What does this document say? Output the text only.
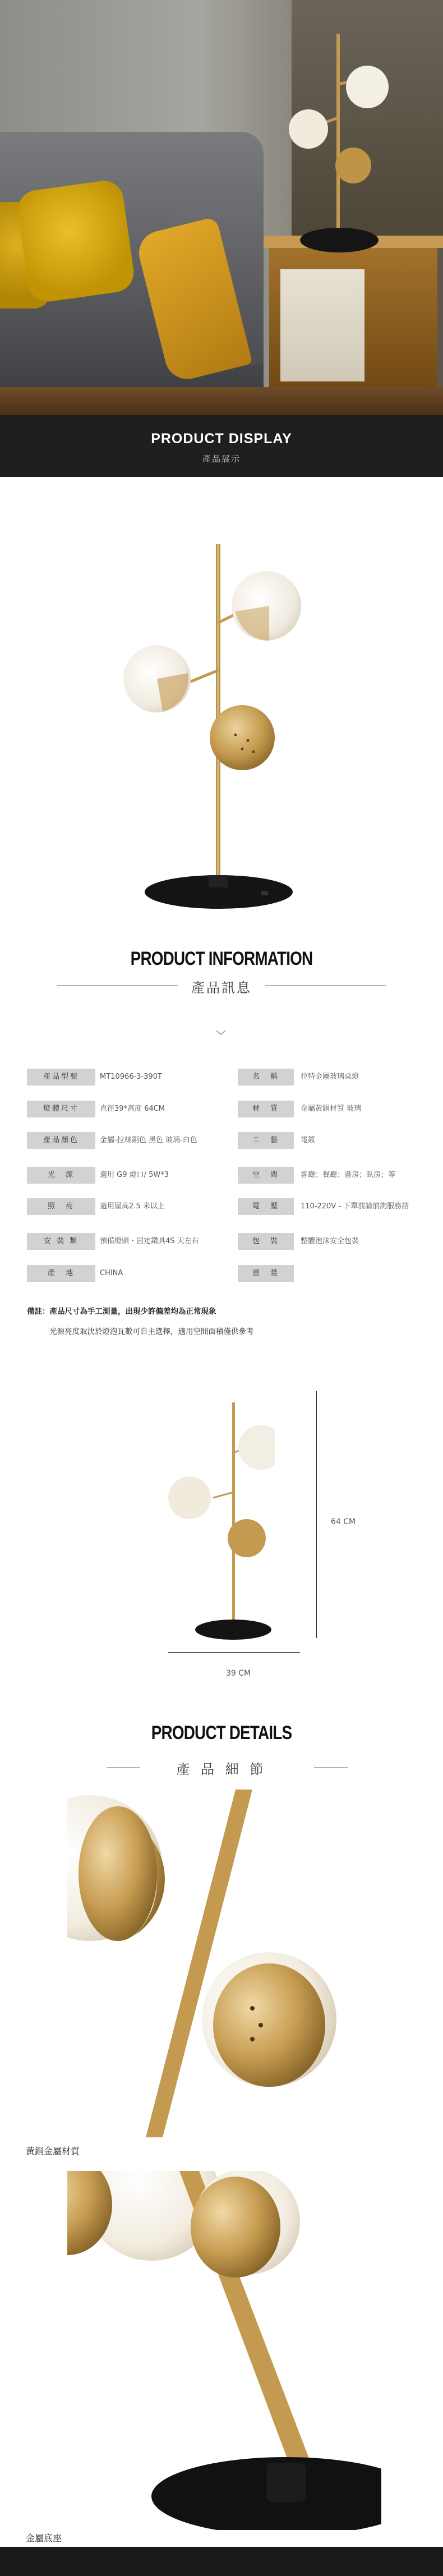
PRODUCT DISPLAY
產品展示
PRODUCT INFORMATION
產品訊息
產品型號	MT10966-3-390T	名　稱	拉特金屬玻璃桌燈
燈體尺寸	直徑39*高度 64CM	材　質	金屬黃銅材質 玻璃
產品顏色	金屬-拉絲銅色 黑色 玻璃-白色	工　藝	電鍍
光　源	適用 G9 燈口/ 5W*3	空　間	客廳；餐廳；書房；臥房；等
照　亮	適用屋高2.5 米以上	電　壓	110-220V - 下單前請前詢服務諮
安 裝 類	預備燈頭・固定鑽具4S 天左右	包　裝	整體泡沫安全包裝
產　地	CHINA	重　量
備註：產品尺寸為手工測量，出現少許偏差均為正常現象
光源亮度取決於燈泡瓦數可自主選擇，適用空間面積僅供參考
64 CM
39 CM
PRODUCT DETAILS
產 品 細 節
黃銅金屬材質
金屬底座
